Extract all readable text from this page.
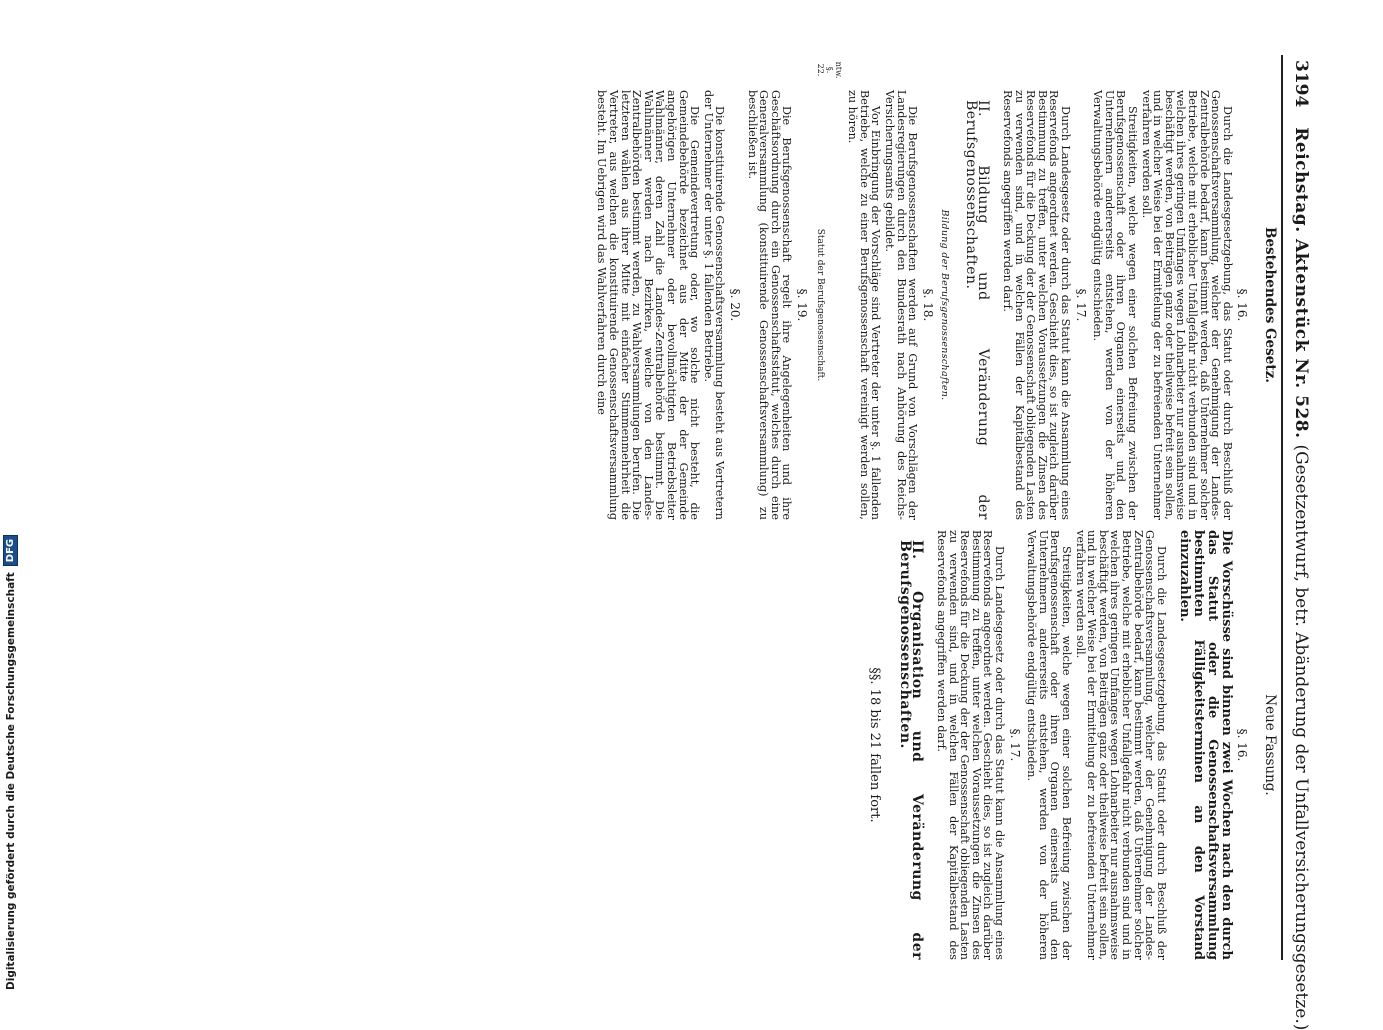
3194 Reichstag. Aktenstück Nr. 528. (Gesetzentwurf, betr. Abänderung der Unfallversicherungsgesetze.)
ntw. §. 22.
Bestehendes Gesetz.
§. 16.

Durch die Landesgesetzgebung, das Statut oder durch Beschluß der Genossenschaftsversammlung, welcher der Genehmigung der Landes-Zentralbehörde bedarf, kann bestimmt werden, daß Unternehmer solcher Betriebe, welche mit erheblicher Unfallgefahr nicht verbunden sind und in welchen ihres geringen Umfanges wegen Lohnarbeiter nur ausnahmsweise beschäftigt werden, von Beiträgen ganz oder theilweise befreit sein sollen, und in welcher Weise bei der Ermittelung der zu befreienden Unternehmer verfahren werden soll.

Streitigkeiten, welche wegen einer solchen Befreiung zwischen der Berufsgenossenschaft oder ihren Organen einerseits und den Unternehmern andererseits entstehen, werden von der höheren Verwaltungsbehörde endgültig entschieden.

§. 17.

Durch Landesgesetz oder durch das Statut kann die Ansammlung eines Reservefonds angeordnet werden. Geschieht dies, so ist zugleich darüber Bestimmung zu treffen, unter welchen Voraussetzungen die Zinsen des Reservefonds für die Deckung der der Genossenschaft obliegenden Lasten zu verwenden sind, und in welchen Fällen der Kapitalbestand des Reservefonds angegriffen werden darf.

II. Bildung und Veränderung der Berufsgenossenschaften.
Bildung der Berufsgenossenschaften.
§. 18.

Die Berufsgenossenschaften werden auf Grund von Vorschlägen der Landesregierungen durch den Bundesrath nach Anhörung des Reichs-Versicherungsamts gebildet.

Vor Einbringung der Vorschläge sind Vertreter der unter §. 1 fallenden Betriebe, welche zu einer Berufsgenossenschaft vereinigt werden sollen, zu hören.

Statut der Berufsgenossenschaft.
§. 19.

Die Berufsgenossenschaft regelt ihre Angelegenheiten und ihre Geschäftsordnung durch ein Genossenschaftsstatut, welches durch eine Generalversammlung (konstituirende Genossenschaftsversammlung) zu beschließen ist.

§. 20.

Die konstituirende Genossenschaftsversammlung besteht aus Vertretern der Unternehmer der unter §. 1 fallenden Betriebe.

Die Gemeindevertretung oder, wo solche nicht besteht, die Gemeindebehörde bezeichnet aus der Mitte der der Gemeinde angehörigen Unternehmer oder bevollmächtigten Betriebsleiter Wahlmänner, deren Zahl die Landes-Zentralbehörde bestimmt. Die Wahlmänner werden nach Bezirken, welche von den Landes-Zentralbehörden bestimmt werden, zu Wahlversammlungen berufen. Die letzteren wählen aus ihrer Mitte mit einfacher Stimmenmehrheit die Vertreter, aus welchen die konstituirende Genossenschaftsversammlung besteht. Im Uebrigen wird das Wahlverfahren durch eine

Neue Fassung.
§. 16.

Die Vorschüsse sind binnen zwei Wochen nach den durch das Statut oder die Genossenschaftsversammlung bestimmten Fälligkeitsterminen an den Vorstand einzuzahlen.

Durch die Landesgesetzgebung, das Statut oder durch Beschluß der Genossenschaftsversammlung, welcher der Genehmigung der Landes-Zentralbehörde bedarf, kann bestimmt werden, daß Unternehmer solcher Betriebe, welche mit erheblicher Unfallgefahr nicht verbunden sind und in welchen ihres geringen Umfanges wegen Lohnarbeiter nur ausnahmsweise beschäftigt werden, von Beiträgen ganz oder theilweise befreit sein sollen, und in welcher Weise bei der Ermittelung der zu befreienden Unternehmer verfahren werden soll.

Streitigkeiten, welche wegen einer solchen Befreiung zwischen der Berufsgenossenschaft oder ihren Organen einerseits und den Unternehmern andererseits entstehen, werden von der höheren Verwaltungsbehörde endgültig entschieden.

§. 17.

Durch Landesgesetz oder durch das Statut kann die Ansammlung eines Reservefonds angeordnet werden. Geschieht dies, so ist zugleich darüber Bestimmung zu treffen, unter welchen Voraussetzungen die Zinsen des Reservefonds für die Deckung der der Genossenschaft obliegenden Lasten zu verwenden sind, und in welchen Fällen der Kapitalbestand des Reservefonds angegriffen werden darf.

II. Organisation und Veränderung der Berufsgenossenschaften.
§§. 18 bis 21 fallen fort.
Digitalisierung gefördert durch die Deutsche Forschungsgemeinschaft
DFG
